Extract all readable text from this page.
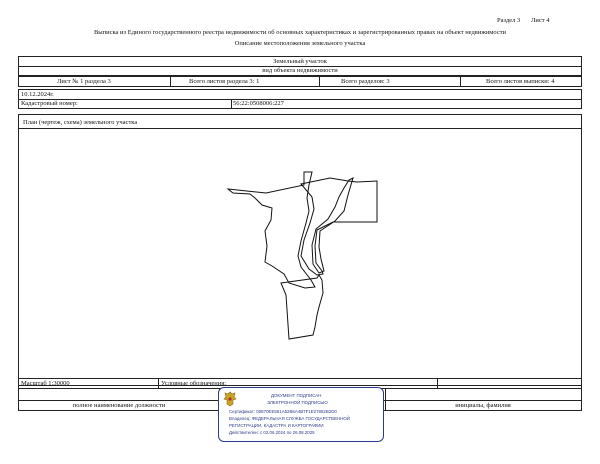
Раздел 3 Лист 4
Выписка из Единого государственного реестра недвижимости об основных характеристиках и зарегистрированных правах на объект недвижимости
Описание местоположения земельного участка
Земельный участок
вид объекта недвижимости
Лист № 1 раздела 3	Всего листов раздела 3: 1	Всего разделов: 3	Всего листов выписки: 4
10.12.2024г.
Кадастровый номер:	56:22:0508006:227
План (чертеж, схема) земельного участка
Масштаб 1:30000	Условные обозначения:
полное наименование должности	инициалы, фамилия
ДОКУМЕНТ ПОДПИСАН
ЭЛЕКТРОННОЙ ПОДПИСЬЮ
Сертификат: 00870EE561A52B6A4B7F1E27882B2D0
Владелец: ФЕДЕРАЛЬНАЯ СЛУЖБА ГОСУДАРСТВЕННОЙ
РЕГИСТРАЦИИ, КАДАСТРА И КАРТОГРАФИИ
Действителен: с 02.06.2024 по 26.08.2025
